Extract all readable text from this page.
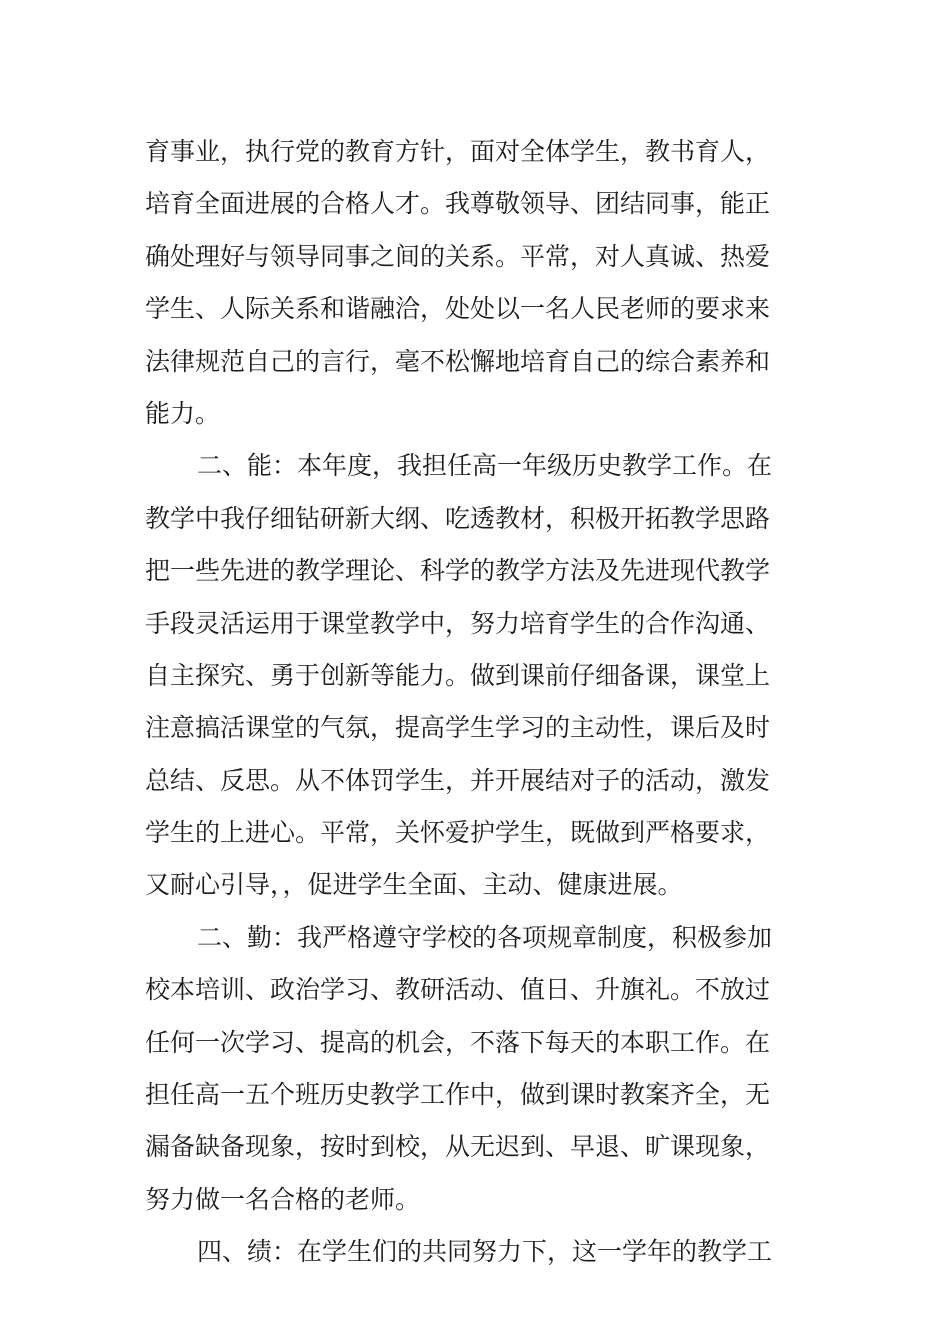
育事业，执行党的教育方针，面对全体学生，教书育人，
培育全面进展的合格人才。我尊敬领导、团结同事，能正
确处理好与领导同事之间的关系。平常，对人真诚、热爱
学生、人际关系和谐融洽，处处以一名人民老师的要求来
法律规范自己的言行，毫不松懈地培育自己的综合素养和
能力。
二、能：本年度，我担任高一年级历史教学工作。在
教学中我仔细钻研新大纲、吃透教材，积极开拓教学思路
把一些先进的教学理论、科学的教学方法及先进现代教学
手段灵活运用于课堂教学中，努力培育学生的合作沟通、
自主探究、勇于创新等能力。做到课前仔细备课，课堂上
注意搞活课堂的气氛，提高学生学习的主动性，课后及时
总结、反思。从不体罚学生，并开展结对子的活动，激发
学生的上进心。平常，关怀爱护学生，既做到严格要求，
又耐心引导，，促进学生全面、主动、健康进展。
二、勤：我严格遵守学校的各项规章制度，积极参加
校本培训、政治学习、教研活动、值日、升旗礼。不放过
任何一次学习、提高的机会，不落下每天的本职工作。在
担任高一五个班历史教学工作中，做到课时教案齐全，无
漏备缺备现象，按时到校，从无迟到、早退、旷课现象，
努力做一名合格的老师。
四、绩：在学生们的共同努力下，这一学年的教学工
